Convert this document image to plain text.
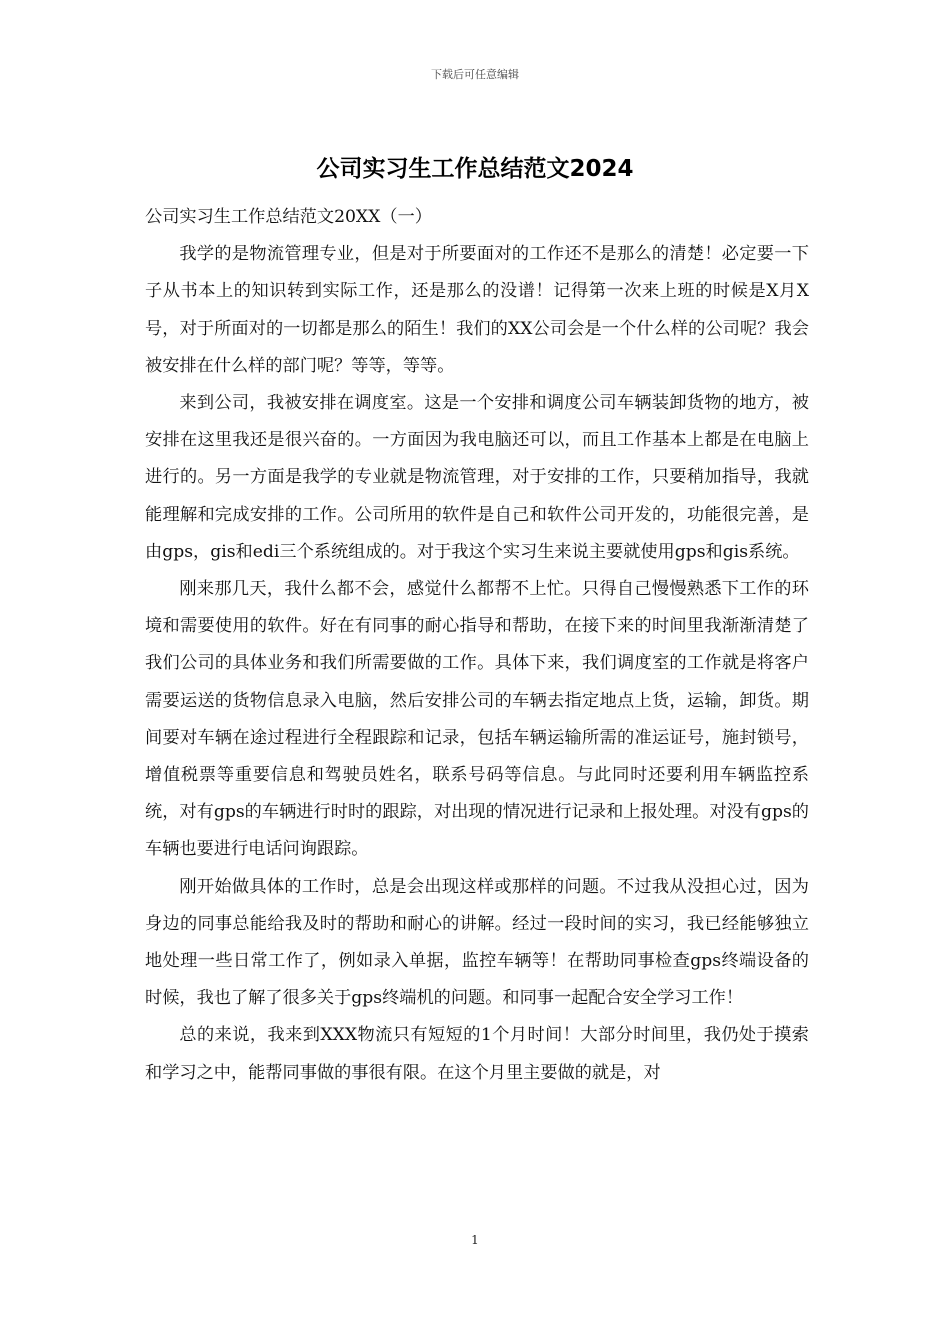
下载后可任意编辑
公司实习生工作总结范文2024

公司实习生工作总结范文20XX（一）

我学的是物流管理专业，但是对于所要面对的工作还不是那么的清楚！必定要一下子从书本上的知识转到实际工作，还是那么的没谱！记得第一次来上班的时候是X月X号，对于所面对的一切都是那么的陌生！我们的XX公司会是一个什么样的公司呢？我会被安排在什么样的部门呢？等等，等等。

来到公司，我被安排在调度室。这是一个安排和调度公司车辆装卸货物的地方，被安排在这里我还是很兴奋的。一方面因为我电脑还可以，而且工作基本上都是在电脑上进行的。另一方面是我学的专业就是物流管理，对于安排的工作，只要稍加指导，我就能理解和完成安排的工作。公司所用的软件是自己和软件公司开发的，功能很完善，是由gps，gis和edi三个系统组成的。对于我这个实习生来说主要就使用gps和gis系统。

刚来那几天，我什么都不会，感觉什么都帮不上忙。只得自己慢慢熟悉下工作的环境和需要使用的软件。好在有同事的耐心指导和帮助，在接下来的时间里我渐渐清楚了我们公司的具体业务和我们所需要做的工作。具体下来，我们调度室的工作就是将客户需要运送的货物信息录入电脑，然后安排公司的车辆去指定地点上货，运输，卸货。期间要对车辆在途过程进行全程跟踪和记录，包括车辆运输所需的准运证号，施封锁号，增值税票等重要信息和驾驶员姓名，联系号码等信息。与此同时还要利用车辆监控系统，对有gps的车辆进行时时的跟踪，对出现的情况进行记录和上报处理。对没有gps的车辆也要进行电话问询跟踪。

刚开始做具体的工作时，总是会出现这样或那样的问题。不过我从没担心过，因为身边的同事总能给我及时的帮助和耐心的讲解。经过一段时间的实习，我已经能够独立地处理一些日常工作了，例如录入单据，监控车辆等！在帮助同事检查gps终端设备的时候，我也了解了很多关于gps终端机的问题。和同事一起配合安全学习工作！

总的来说，我来到XXX物流只有短短的1个月时间！大部分时间里，我仍处于摸索和学习之中，能帮同事做的事很有限。在这个月里主要做的就是，对

1
